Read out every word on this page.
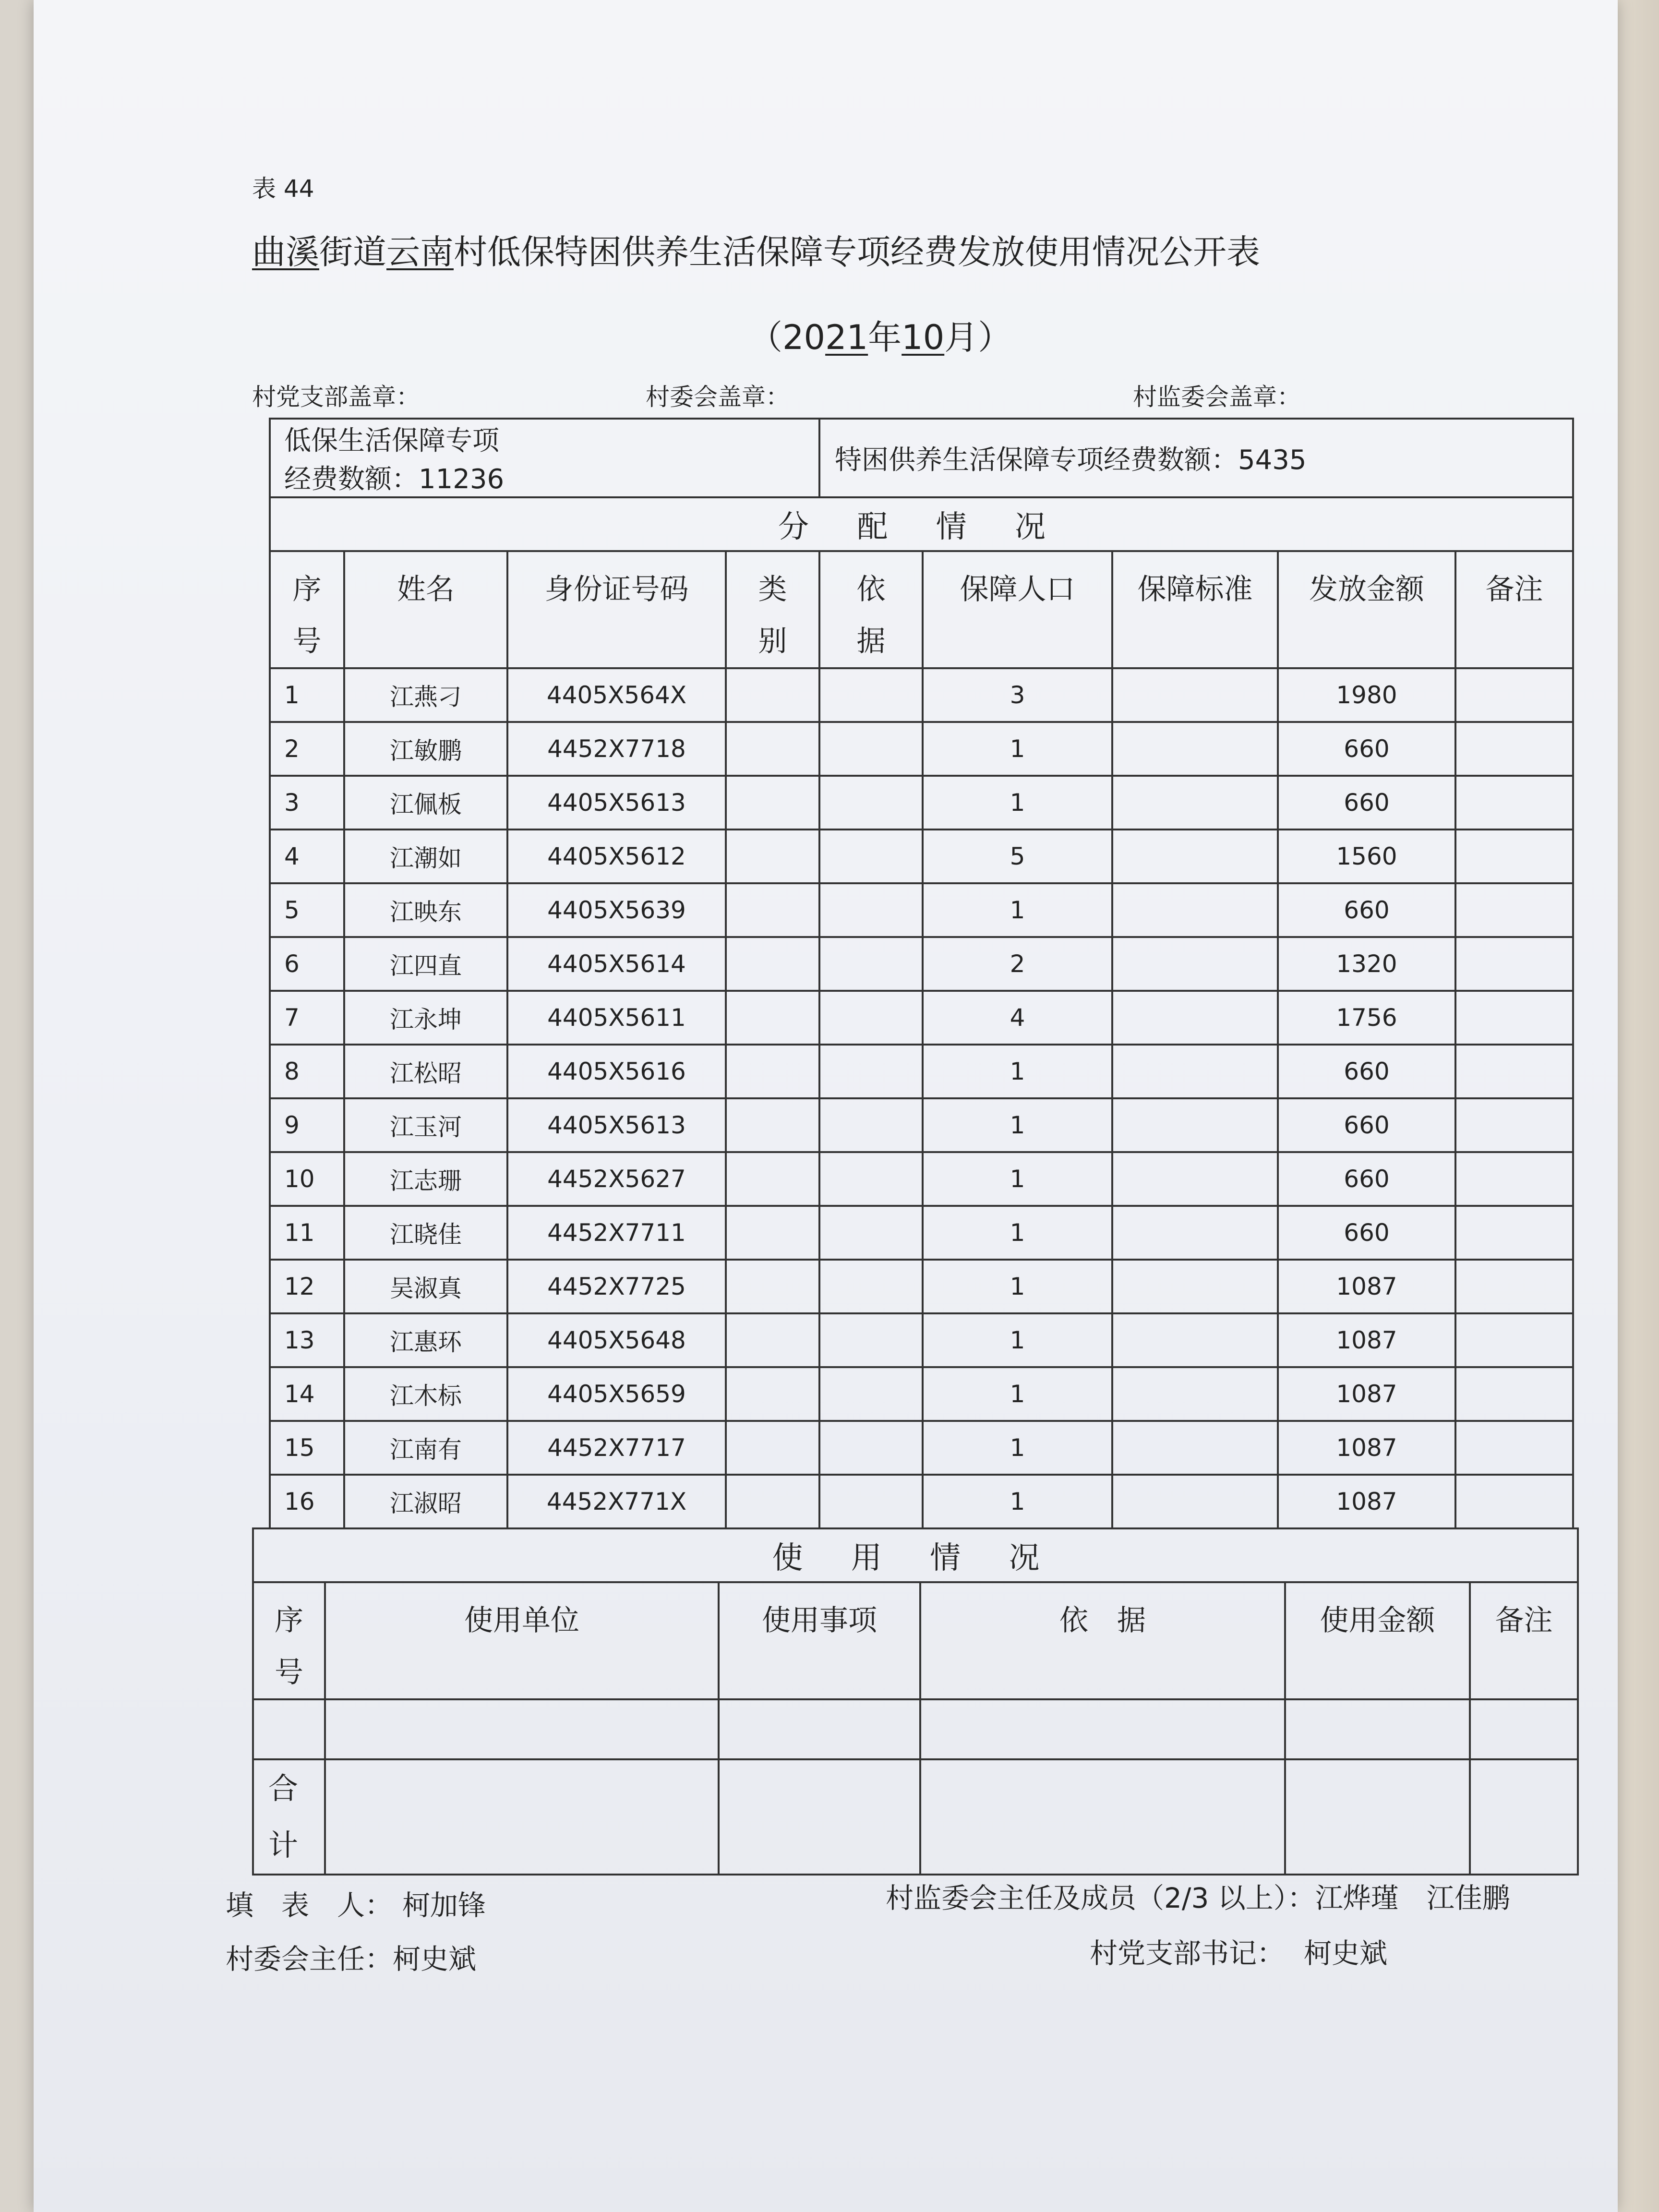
表 44
曲溪街道云南村低保特困供养生活保障专项经费发放使用情况公开表
（2021年10月）
村党支部盖章：	村委会盖章：	村监委会盖章：
低保生活保障专项经费数额：11236				特困供养生活保障专项经费数额：5435				
分 配 情 况								
序号	姓名	身份证号码	类别	依据	保障人口	保障标准	发放金额	备注
1	江燕刁	4405X564X			3		1980	
2	江敏鹏	4452X7718			1		660	
3	江佩板	4405X5613			1		660	
4	江潮如	4405X5612			5		1560	
5	江映东	4405X5639			1		660	
6	江四直	4405X5614			2		1320	
7	江永坤	4405X5611			4		1756	
8	江松昭	4405X5616			1		660	
9	江玉河	4405X5613			1		660	
10	江志珊	4452X5627			1		660	
11	江晓佳	4452X7711			1		660	
12	吴淑真	4452X7725			1		1087	
13	江惠环	4405X5648			1		1087	
14	江木标	4405X5659			1		1087	
15	江南有	4452X7717			1		1087	
16	江淑昭	4452X771X			1		1087	
使 用 情 况					
序号	使用单位	使用事项	依　据	使用金额	备注

合计					
填　表　人： 柯加锋
村委会主任：柯史斌
村监委会主任及成员（2/3 以上）：江烨瑾　江佳鹏
村党支部书记： 柯史斌
